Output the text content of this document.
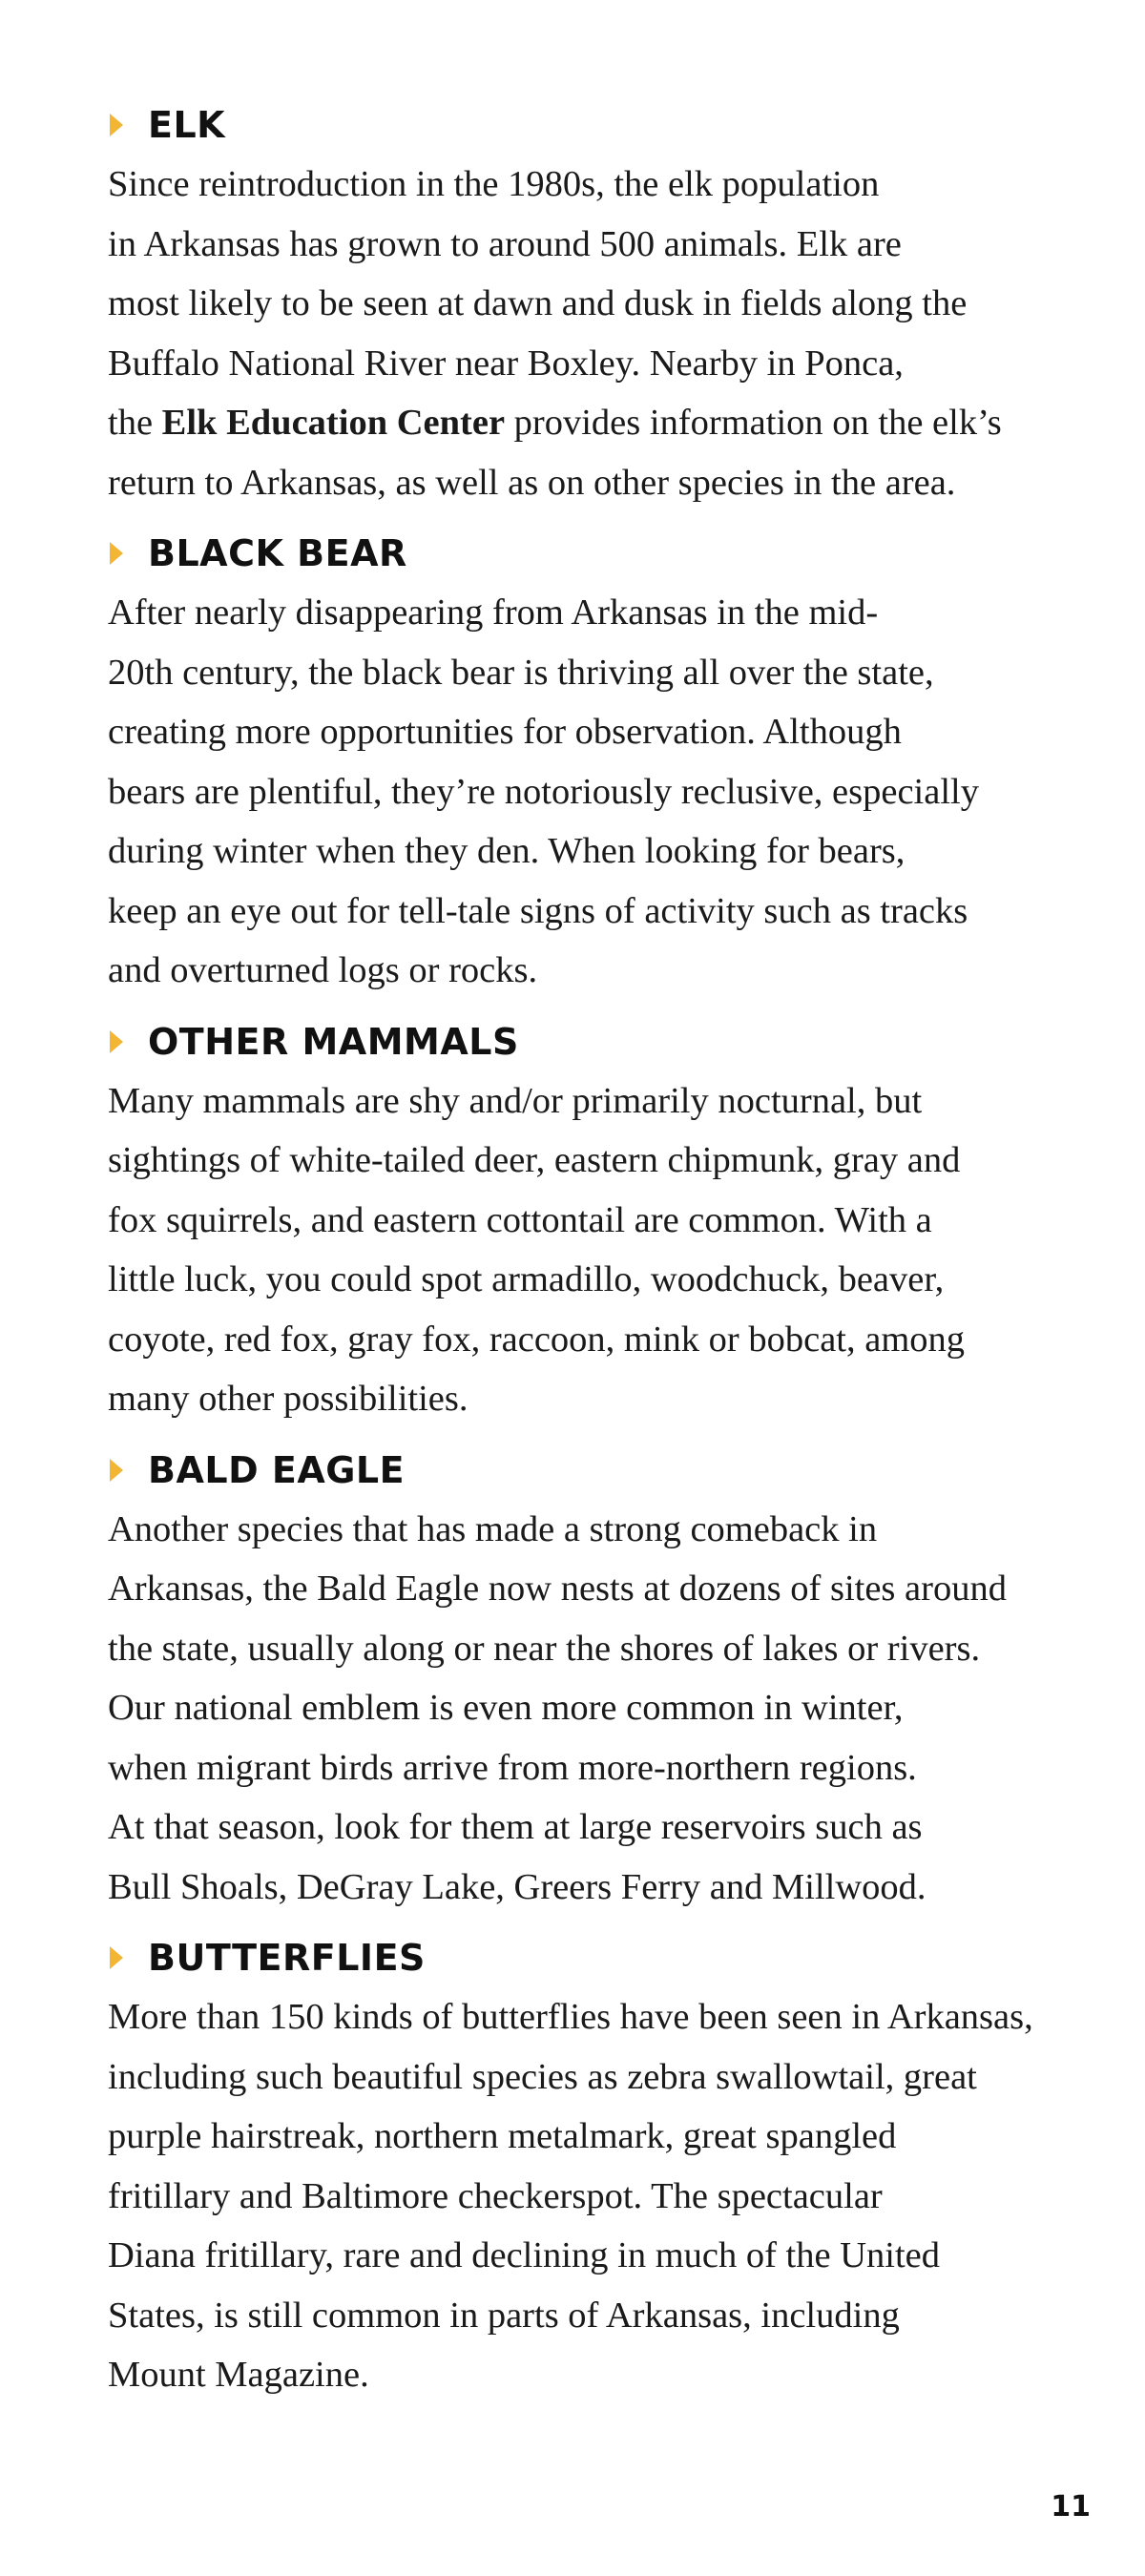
ELK

Since reintroduction in the 1980s, the elk population
in Arkansas has grown to around 500 animals. Elk are
most likely to be seen at dawn and dusk in fields along the
Buffalo National River near Boxley. Nearby in Ponca,
the Elk Education Center provides information on the elk’s
return to Arkansas, as well as on other species in the area.

BLACK BEAR

After nearly disappearing from Arkansas in the mid-
20th century, the black bear is thriving all over the state,
creating more opportunities for observation. Although
bears are plentiful, they’re notoriously reclusive, especially
during winter when they den. When looking for bears,
keep an eye out for tell-tale signs of activity such as tracks
and overturned logs or rocks.

OTHER MAMMALS

Many mammals are shy and/or primarily nocturnal, but
sightings of white-tailed deer, eastern chipmunk, gray and
fox squirrels, and eastern cottontail are common. With a
little luck, you could spot armadillo, woodchuck, beaver,
coyote, red fox, gray fox, raccoon, mink or bobcat, among
many other possibilities.

BALD EAGLE

Another species that has made a strong comeback in
Arkansas, the Bald Eagle now nests at dozens of sites around
the state, usually along or near the shores of lakes or rivers.
Our national emblem is even more common in winter,
when migrant birds arrive from more-northern regions.
At that season, look for them at large reservoirs such as
Bull Shoals, DeGray Lake, Greers Ferry and Millwood.

BUTTERFLIES

More than 150 kinds of butterflies have been seen in Arkansas,
including such beautiful species as zebra swallowtail, great
purple hairstreak, northern metalmark, great spangled
fritillary and Baltimore checkerspot. The spectacular
Diana fritillary, rare and declining in much of the United
States, is still common in parts of Arkansas, including
Mount Magazine.

11
